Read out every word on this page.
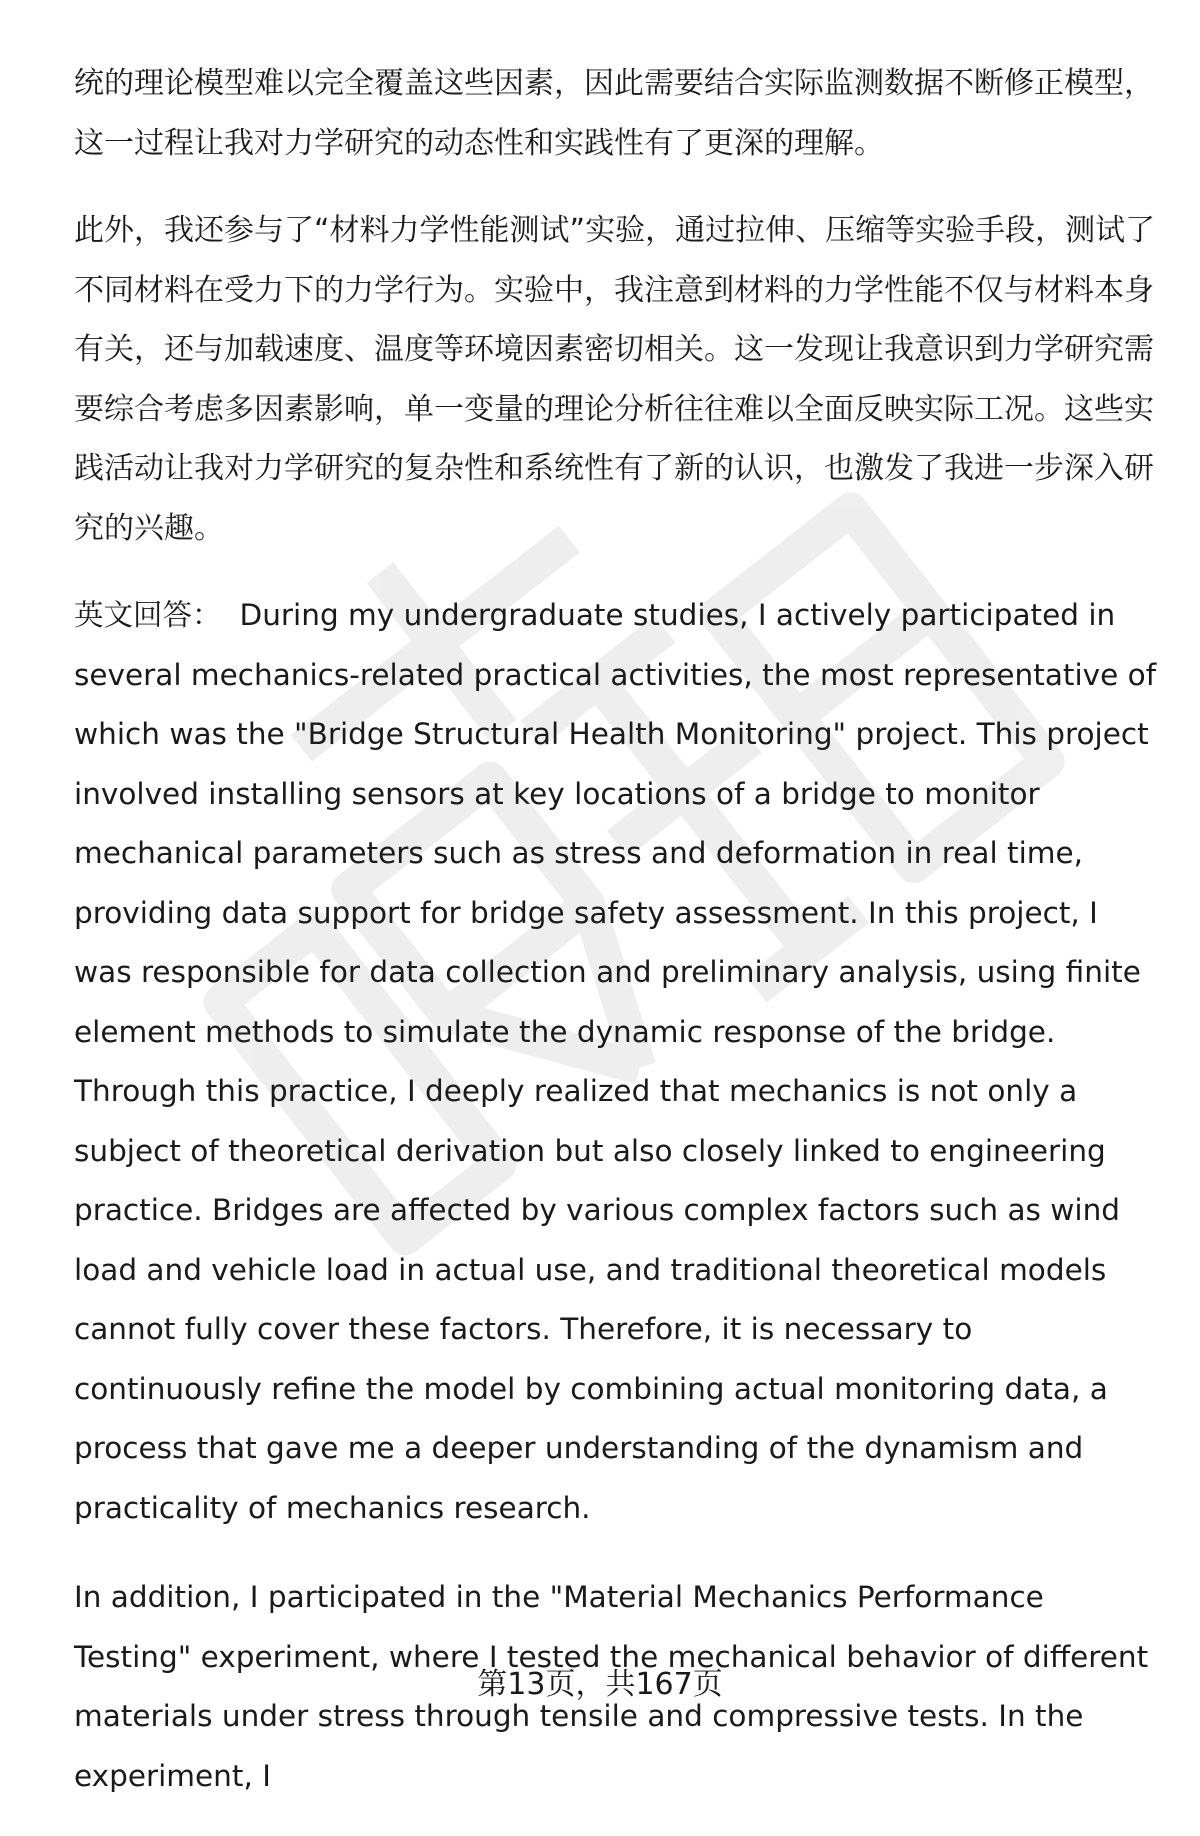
统的理论模型难以完全覆盖这些因素，因此需要结合实际监测数据不断修正模型，这一过程让我对力学研究的动态性和实践性有了更深的理解。

此外，我还参与了“材料力学性能测试”实验，通过拉伸、压缩等实验手段，测试了不同材料在受力下的力学行为。实验中，我注意到材料的力学性能不仅与材料本身有关，还与加载速度、温度等环境因素密切相关。这一发现让我意识到力学研究需要综合考虑多因素影响，单一变量的理论分析往往难以全面反映实际工况。这些实践活动让我对力学研究的复杂性和系统性有了新的认识，也激发了我进一步深入研究的兴趣。

英文回答： During my undergraduate studies, I actively participated in several mechanics-related practical activities, the most representative of which was the "Bridge Structural Health Monitoring" project. This project involved installing sensors at key locations of a bridge to monitor mechanical parameters such as stress and deformation in real time, providing data support for bridge safety assessment. In this project, I was responsible for data collection and preliminary analysis, using finite element methods to simulate the dynamic response of the bridge. Through this practice, I deeply realized that mechanics is not only a subject of theoretical derivation but also closely linked to engineering practice. Bridges are affected by various complex factors such as wind load and vehicle load in actual use, and traditional theoretical models cannot fully cover these factors. Therefore, it is necessary to continuously refine the model by combining actual monitoring data, a process that gave me a deeper understanding of the dynamism and practicality of mechanics research.

In addition, I participated in the "Material Mechanics Performance Testing" experiment, where I tested the mechanical behavior of different materials under stress through tensile and compressive tests. In the experiment, I

第13页，共167页
